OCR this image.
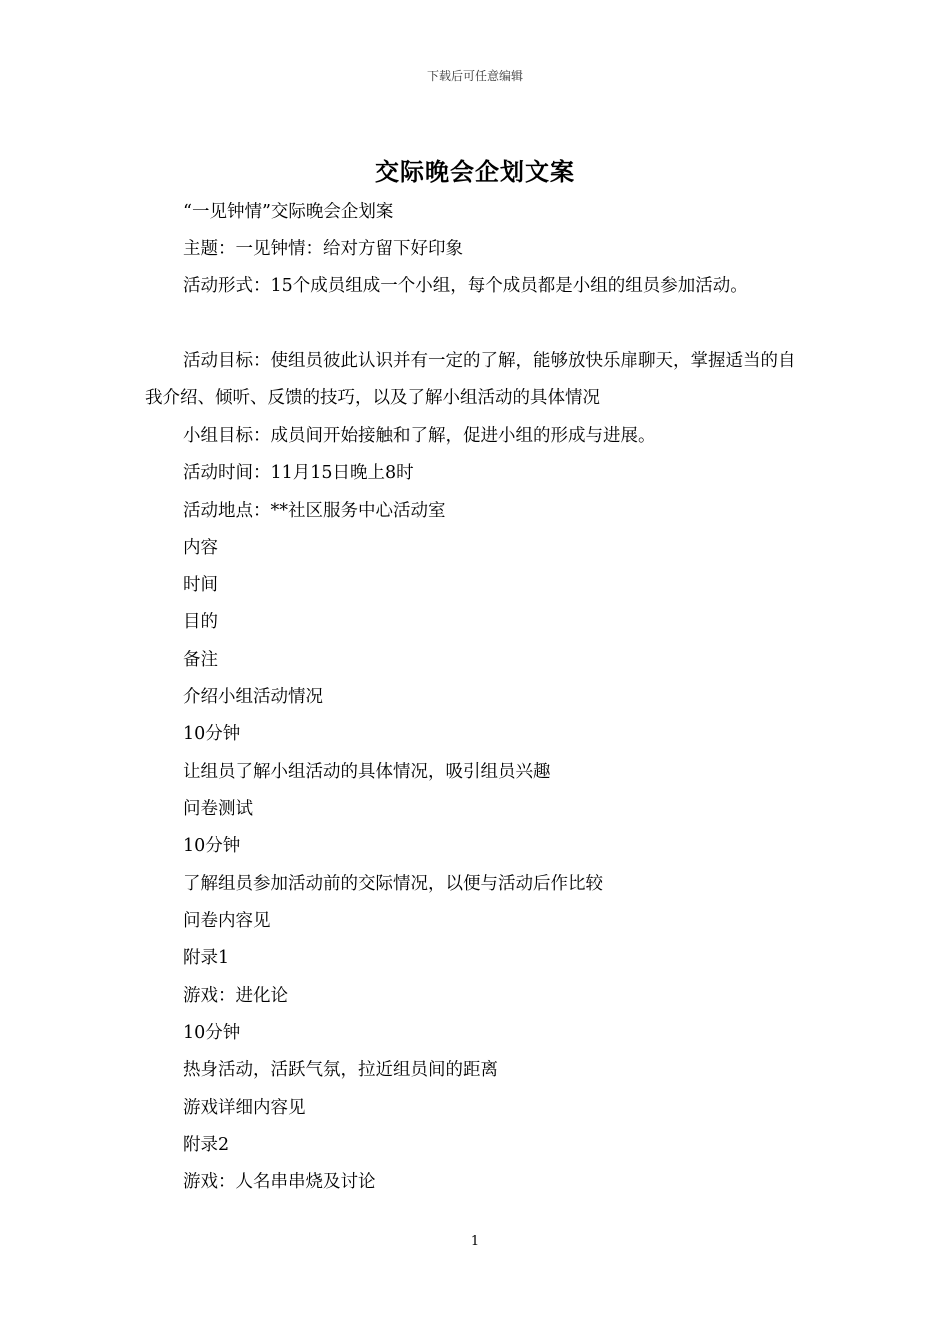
下载后可任意编辑
交际晚会企划文案
“一见钟情”交际晚会企划案
主题：一见钟情：给对方留下好印象
活动形式：15个成员组成一个小组，每个成员都是小组的组员参加活动。
活动目标：使组员彼此认识并有一定的了解，能够放快乐扉聊天，掌握适当的自我介绍、倾听、反馈的技巧，以及了解小组活动的具体情况
小组目标：成员间开始接触和了解，促进小组的形成与进展。
活动时间：11月15日晚上8时
活动地点：**社区服务中心活动室
内容
时间
目的
备注
介绍小组活动情况
10分钟
让组员了解小组活动的具体情况，吸引组员兴趣
问卷测试
10分钟
了解组员参加活动前的交际情况，以便与活动后作比较
问卷内容见
附录1
游戏：进化论
10分钟
热身活动，活跃气氛，拉近组员间的距离
游戏详细内容见
附录2
游戏：人名串串烧及讨论
1
